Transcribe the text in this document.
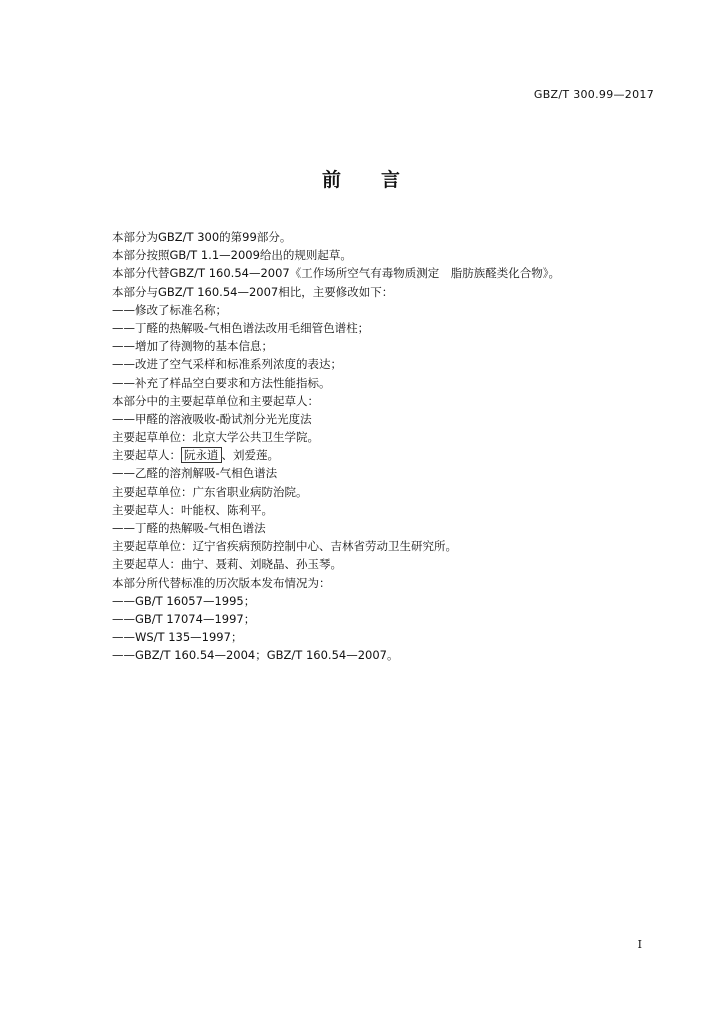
GBZ/T 300.99—2017
前 言
本部分为GBZ/T 300的第99部分。
本部分按照GB/T 1.1—2009给出的规则起草。
本部分代替GBZ/T 160.54—2007《工作场所空气有毒物质测定　脂肪族醛类化合物》。
本部分与GBZ/T 160.54—2007相比，主要修改如下：
——修改了标准名称；
——丁醛的热解吸-气相色谱法改用毛细管色谱柱；
——增加了待测物的基本信息；
——改进了空气采样和标准系列浓度的表达；
——补充了样品空白要求和方法性能指标。
本部分中的主要起草单位和主要起草人：
——甲醛的溶液吸收-酚试剂分光光度法
主要起草单位：北京大学公共卫生学院。
主要起草人： 阮永逍 、刘爱莲。
——乙醛的溶剂解吸-气相色谱法
主要起草单位：广东省职业病防治院。
主要起草人：叶能权、陈利平。
——丁醛的热解吸-气相色谱法
主要起草单位：辽宁省疾病预防控制中心、吉林省劳动卫生研究所。
主要起草人：曲宁、聂莉、刘晓晶、孙玉琴。
本部分所代替标准的历次版本发布情况为：
——GB/T 16057—1995；
——GB/T 17074—1997；
——WS/T 135—1997；
——GBZ/T 160.54—2004；GBZ/T 160.54—2007。
I
